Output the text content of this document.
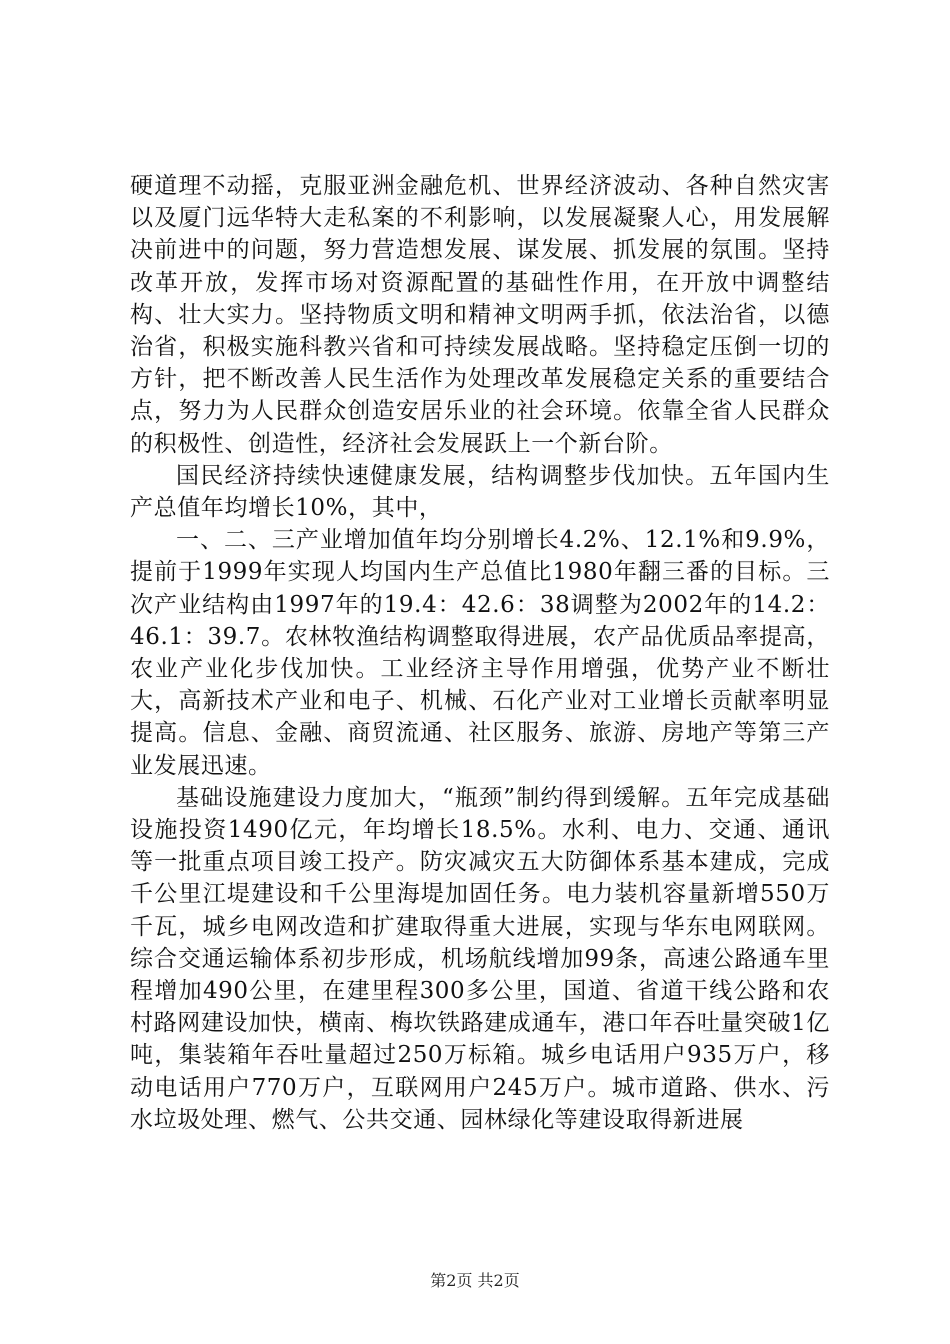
硬道理不动摇，克服亚洲金融危机、世界经济波动、各种自然灾害以及厦门远华特大走私案的不利影响，以发展凝聚人心，用发展解决前进中的问题，努力营造想发展、谋发展、抓发展的氛围。坚持改革开放，发挥市场对资源配置的基础性作用，在开放中调整结构、壮大实力。坚持物质文明和精神文明两手抓，依法治省，以德治省，积极实施科教兴省和可持续发展战略。坚持稳定压倒一切的方针，把不断改善人民生活作为处理改革发展稳定关系的重要结合点，努力为人民群众创造安居乐业的社会环境。依靠全省人民群众的积极性、创造性，经济社会发展跃上一个新台阶。

国民经济持续快速健康发展，结构调整步伐加快。五年国内生产总值年均增长10%，其中，

一、二、三产业增加值年均分别增长4.2%、12.1%和9.9%，提前于1999年实现人均国内生产总值比1980年翻三番的目标。三次产业结构由1997年的19.4：42.6：38调整为2002年的14.2：46.1：39.7。农林牧渔结构调整取得进展，农产品优质品率提高，农业产业化步伐加快。工业经济主导作用增强，优势产业不断壮大，高新技术产业和电子、机械、石化产业对工业增长贡献率明显提高。信息、金融、商贸流通、社区服务、旅游、房地产等第三产业发展迅速。

基础设施建设力度加大，“瓶颈”制约得到缓解。五年完成基础设施投资1490亿元，年均增长18.5%。水利、电力、交通、通讯等一批重点项目竣工投产。防灾减灾五大防御体系基本建成，完成千公里江堤建设和千公里海堤加固任务。电力装机容量新增550万千瓦，城乡电网改造和扩建取得重大进展，实现与华东电网联网。综合交通运输体系初步形成，机场航线增加99条，高速公路通车里程增加490公里，在建里程300多公里，国道、省道干线公路和农村路网建设加快，横南、梅坎铁路建成通车，港口年吞吐量突破1亿吨，集装箱年吞吐量超过250万标箱。城乡电话用户935万户，移动电话用户770万户，互联网用户245万户。城市道路、供水、污水垃圾处理、燃气、公共交通、园林绿化等建设取得新进展

第2页 共2页
